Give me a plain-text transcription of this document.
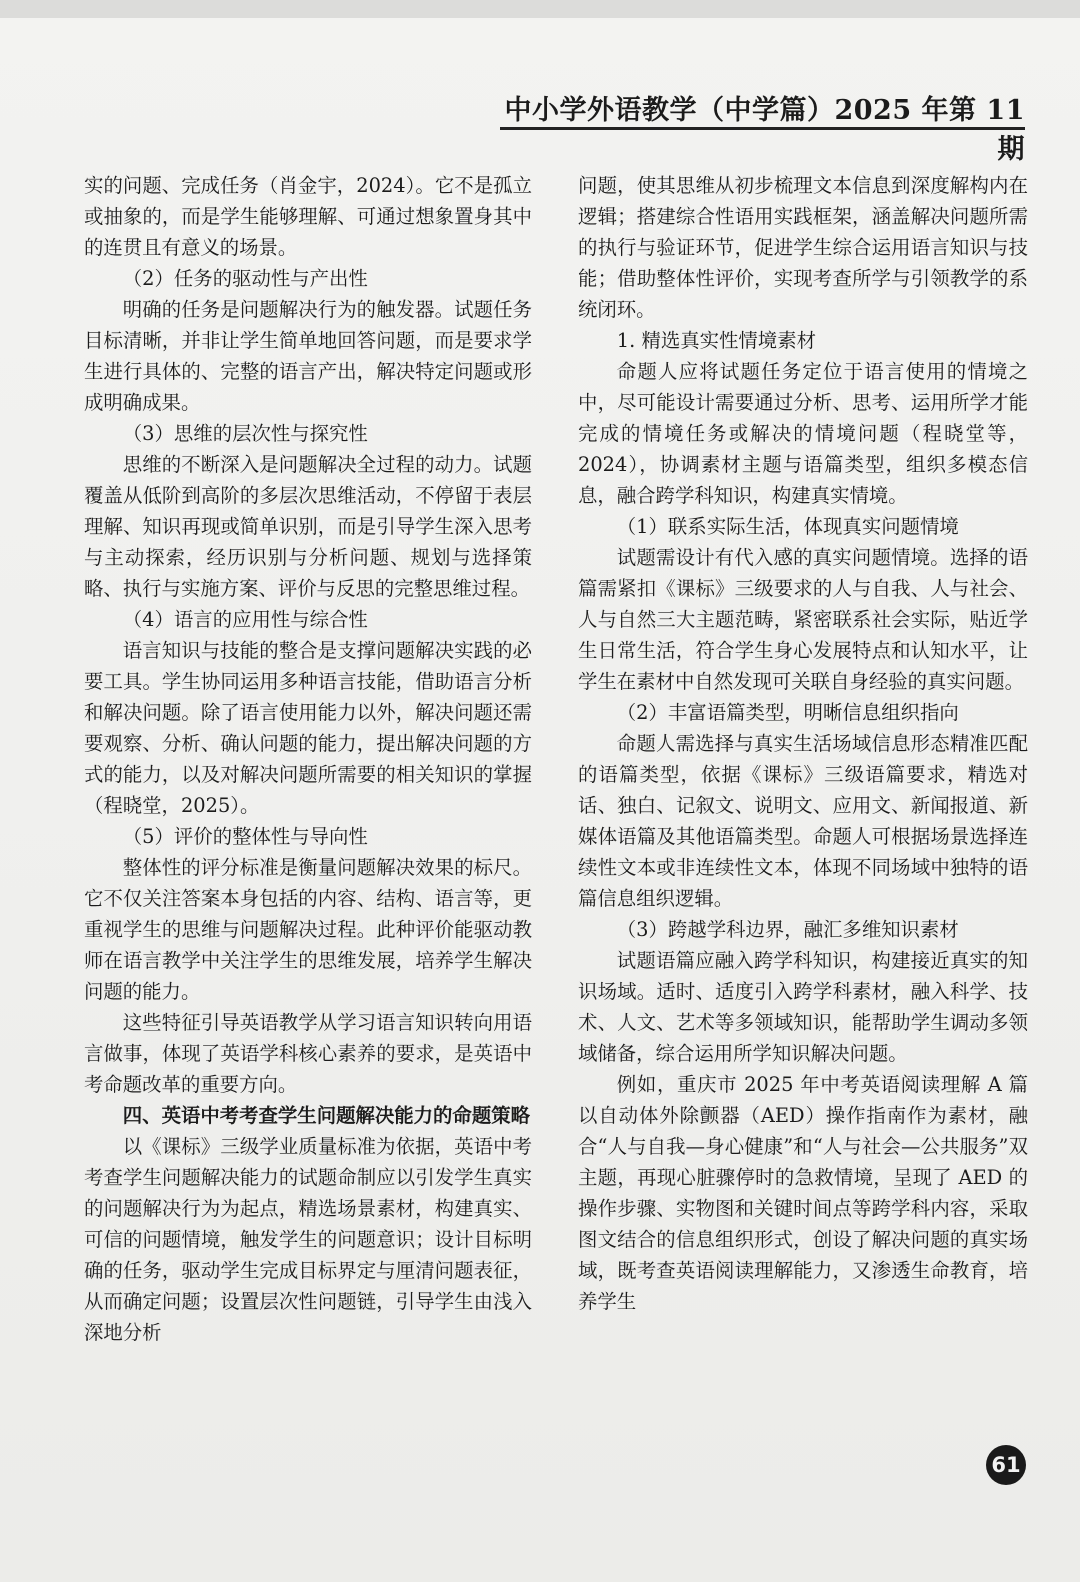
中小学外语教学（中学篇）2025 年第 11 期

实的问题、完成任务（肖金宇，2024）。它不是孤立或抽象的，而是学生能够理解、可通过想象置身其中的连贯且有意义的场景。

（2）任务的驱动性与产出性

明确的任务是问题解决行为的触发器。试题任务目标清晰，并非让学生简单地回答问题，而是要求学生进行具体的、完整的语言产出，解决特定问题或形成明确成果。

（3）思维的层次性与探究性

思维的不断深入是问题解决全过程的动力。试题覆盖从低阶到高阶的多层次思维活动，不停留于表层理解、知识再现或简单识别，而是引导学生深入思考与主动探索，经历识别与分析问题、规划与选择策略、执行与实施方案、评价与反思的完整思维过程。

（4）语言的应用性与综合性

语言知识与技能的整合是支撑问题解决实践的必要工具。学生协同运用多种语言技能，借助语言分析和解决问题。除了语言使用能力以外，解决问题还需要观察、分析、确认问题的能力，提出解决问题的方式的能力，以及对解决问题所需要的相关知识的掌握（程晓堂，2025）。

（5）评价的整体性与导向性

整体性的评分标准是衡量问题解决效果的标尺。它不仅关注答案本身包括的内容、结构、语言等，更重视学生的思维与问题解决过程。此种评价能驱动教师在语言教学中关注学生的思维发展，培养学生解决问题的能力。

这些特征引导英语教学从学习语言知识转向用语言做事，体现了英语学科核心素养的要求，是英语中考命题改革的重要方向。

四、英语中考考查学生问题解决能力的命题策略

以《课标》三级学业质量标准为依据，英语中考考查学生问题解决能力的试题命制应以引发学生真实的问题解决行为为起点，精选场景素材，构建真实、可信的问题情境，触发学生的问题意识；设计目标明确的任务，驱动学生完成目标界定与厘清问题表征，从而确定问题；设置层次性问题链，引导学生由浅入深地分析

问题，使其思维从初步梳理文本信息到深度解构内在逻辑；搭建综合性语用实践框架，涵盖解决问题所需的执行与验证环节，促进学生综合运用语言知识与技能；借助整体性评价，实现考查所学与引领教学的系统闭环。

1. 精选真实性情境素材

命题人应将试题任务定位于语言使用的情境之中，尽可能设计需要通过分析、思考、运用所学才能完成的情境任务或解决的情境问题（程晓堂等，2024），协调素材主题与语篇类型，组织多模态信息，融合跨学科知识，构建真实情境。

（1）联系实际生活，体现真实问题情境

试题需设计有代入感的真实问题情境。选择的语篇需紧扣《课标》三级要求的人与自我、人与社会、人与自然三大主题范畴，紧密联系社会实际，贴近学生日常生活，符合学生身心发展特点和认知水平，让学生在素材中自然发现可关联自身经验的真实问题。

（2）丰富语篇类型，明晰信息组织指向

命题人需选择与真实生活场域信息形态精准匹配的语篇类型，依据《课标》三级语篇要求，精选对话、独白、记叙文、说明文、应用文、新闻报道、新媒体语篇及其他语篇类型。命题人可根据场景选择连续性文本或非连续性文本，体现不同场域中独特的语篇信息组织逻辑。

（3）跨越学科边界，融汇多维知识素材

试题语篇应融入跨学科知识，构建接近真实的知识场域。适时、适度引入跨学科素材，融入科学、技术、人文、艺术等多领域知识，能帮助学生调动多领域储备，综合运用所学知识解决问题。

例如，重庆市 2025 年中考英语阅读理解 A 篇以自动体外除颤器（AED）操作指南作为素材，融合“人与自我—身心健康”和“人与社会—公共服务”双主题，再现心脏骤停时的急救情境，呈现了 AED 的操作步骤、实物图和关键时间点等跨学科内容，采取图文结合的信息组织形式，创设了解决问题的真实场域，既考查英语阅读理解能力，又渗透生命教育，培养学生

61
